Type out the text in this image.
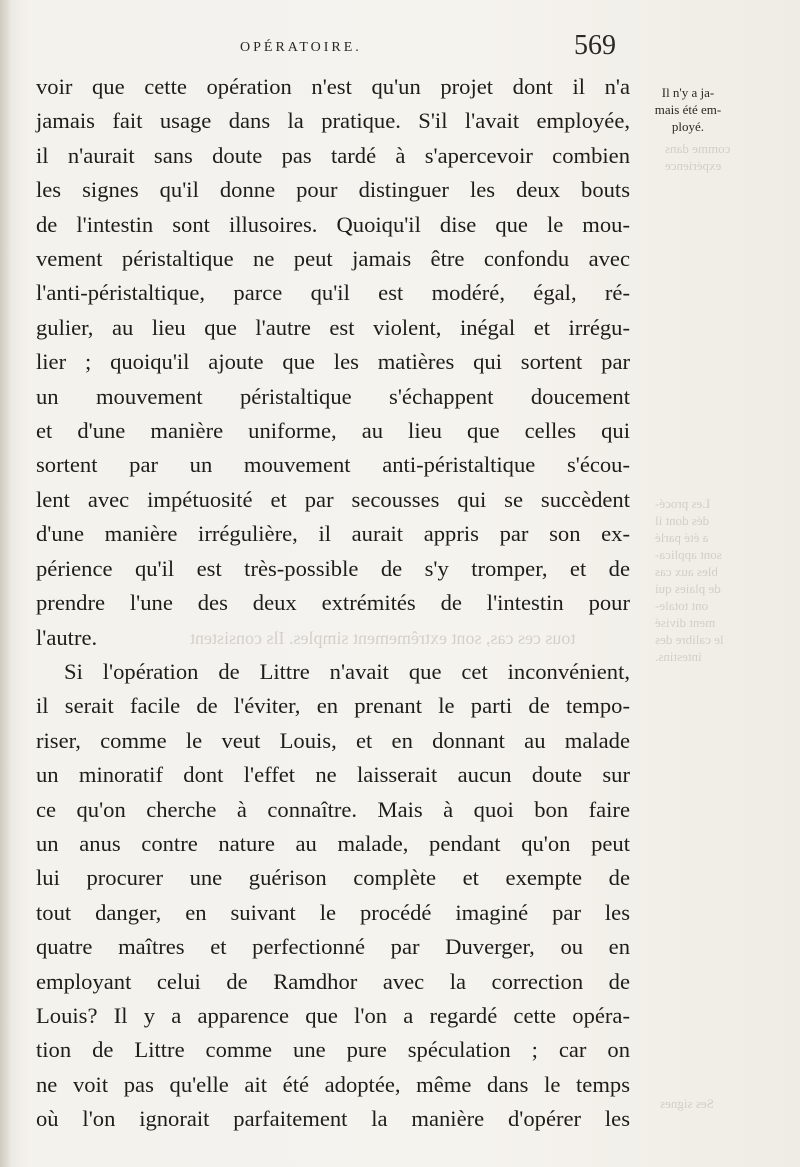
OPÉRATOIRE.	569
Il n'y a ja-
mais été em-
ployé.
comme dans
expérience
Les procé-
dés dont il
a été parlé
sont applica-
bles aux cas
de plaies qui
ont totale-
ment divisé
le calibre des
intestins.
Ses signes
tous ces cas, sont extrêmement simples. Ils consistent
voir que cette opération n'est qu'un projet dont il n'a
jamais fait usage dans la pratique. S'il l'avait employée,
il n'aurait sans doute pas tardé à s'apercevoir combien
les signes qu'il donne pour distinguer les deux bouts
de l'intestin sont illusoires. Quoiqu'il dise que le mou-
vement péristaltique ne peut jamais être confondu avec
l'anti-péristaltique, parce qu'il est modéré, égal, ré-
gulier, au lieu que l'autre est violent, inégal et irrégu-
lier ; quoiqu'il ajoute que les matières qui sortent par
un mouvement péristaltique s'échappent doucement
et d'une manière uniforme, au lieu que celles qui
sortent par un mouvement anti-péristaltique s'écou-
lent avec impétuosité et par secousses qui se succèdent
d'une manière irrégulière, il aurait appris par son ex-
périence qu'il est très-possible de s'y tromper, et de
prendre l'une des deux extrémités de l'intestin pour
l'autre.
Si l'opération de Littre n'avait que cet inconvénient,
il serait facile de l'éviter, en prenant le parti de tempo-
riser, comme le veut Louis, et en donnant au malade
un minoratif dont l'effet ne laisserait aucun doute sur
ce qu'on cherche à connaître. Mais à quoi bon faire
un anus contre nature au malade, pendant qu'on peut
lui procurer une guérison complète et exempte de
tout danger, en suivant le procédé imaginé par les
quatre maîtres et perfectionné par Duverger, ou en
employant celui de Ramdhor avec la correction de
Louis? Il y a apparence que l'on a regardé cette opéra-
tion de Littre comme une pure spéculation ; car on
ne voit pas qu'elle ait été adoptée, même dans le temps
où l'on ignorait parfaitement la manière d'opérer les
